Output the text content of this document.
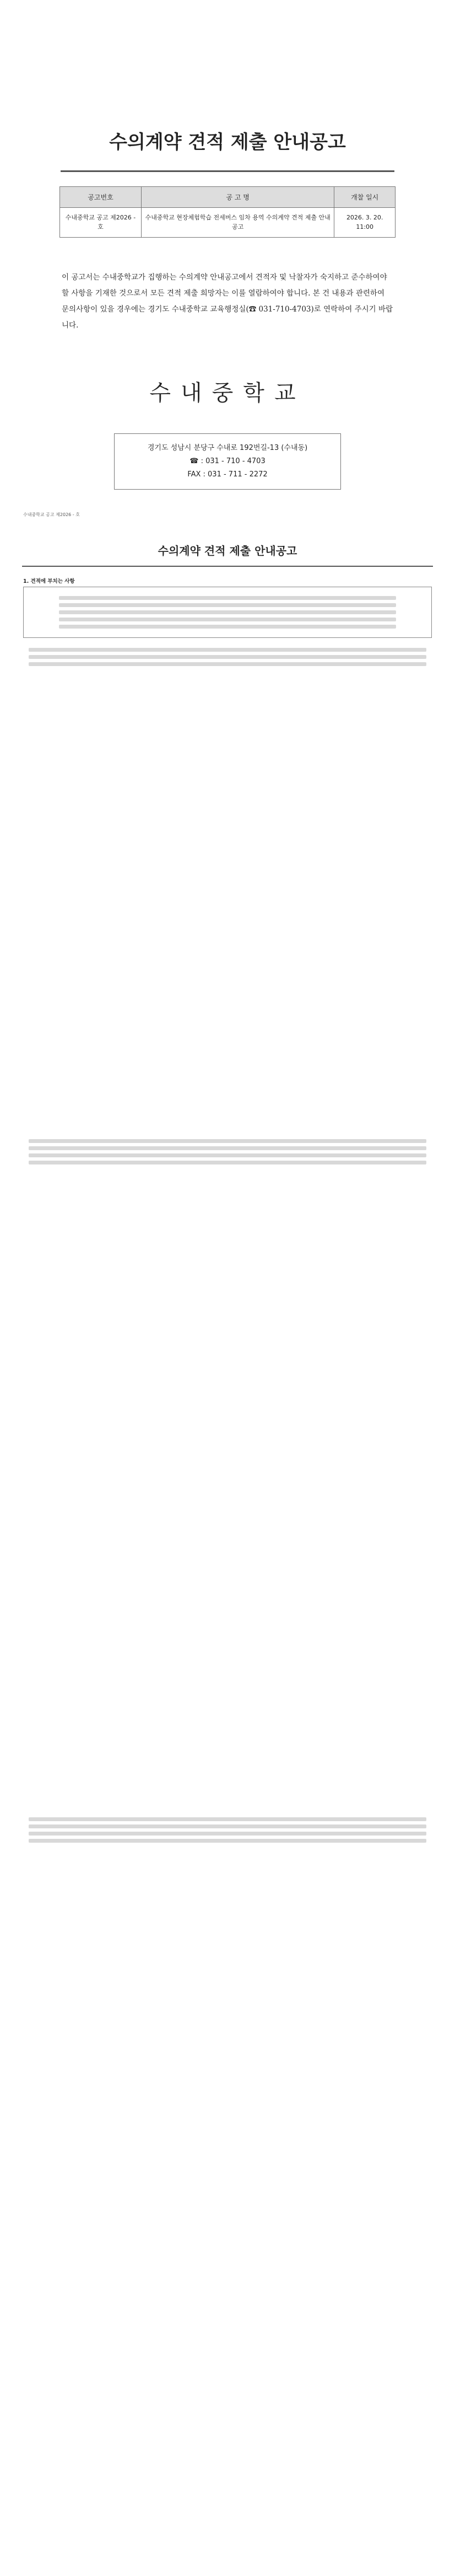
수의계약 견적 제출 안내공고
공고번호	공 고 명	개찰 일시
수내중학교 공고 제2026 - 호	수내중학교 현장체험학습 전세버스 임차 용역 수의계약 견적 제출 안내공고	2026. 3. 20. 11:00
이 공고서는 수내중학교가 집행하는 수의계약 안내공고에서 견적자 및 낙찰자가 숙지하고 준수하여야 할 사항을 기재한 것으로서 모든 견적 제출 희망자는 이를 열람하여야 합니다. 본 건 내용과 관련하여 문의사항이 있을 경우에는 경기도 수내중학교 교육행정실(☎ 031-710-4703)로 연락하여 주시기 바랍니다.
수내중학교
경기도 성남시 분당구 수내로 192번길-13 (수내동)
☎ : 031 - 710 - 4703
FAX : 031 - 711 - 2272
수내중학교 공고 제2026 - 호
수의계약 견적 제출 안내공고
1. 견적에 부치는 사항
